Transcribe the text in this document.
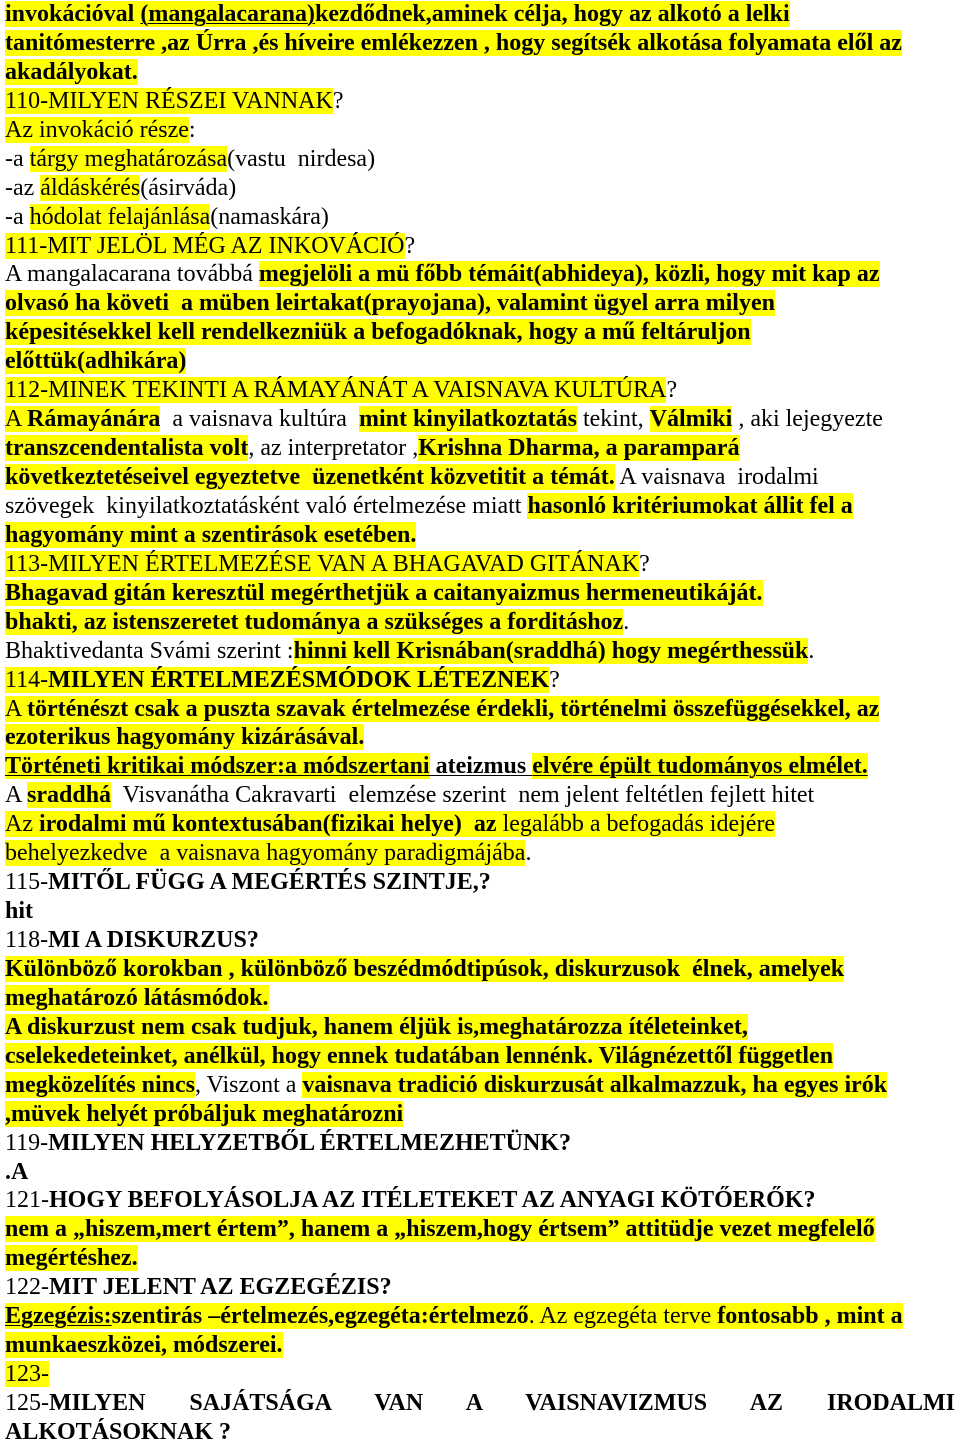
invokációval (mangalacarana)kezdődnek,aminek célja, hogy az alkotó a lelki
tanitómesterre ,az Úrra ,és híveire emlékezzen , hogy segítsék alkotása folyamata elől az
akadályokat.
110-MILYEN RÉSZEI VANNAK?
Az invokáció része:
-a tárgy meghatározása(vastu  nirdesa)
-az áldáskérés(ásirváda)
-a hódolat felajánlása(namaskára)
111-MIT JELÖL MÉG AZ INKOVÁCIÓ?
A mangalacarana továbbá megjelöli a mü főbb témáit(abhideya), közli, hogy mit kap az
olvasó ha követi  a müben leirtakat(prayojana), valamint ügyel arra milyen
képesitésekkel kell rendelkezniük a befogadóknak, hogy a mű feltáruljon
előttük(adhikára)
112-MINEK TEKINTI A RÁMAYÁNÁT A VAISNAVA KULTÚRA?
A Rámayánára  a vaisnava kultúra  mint kinyilatkoztatás tekint, Válmiki , aki lejegyezte
transzcendentalista volt, az interpretator ,Krishna Dharma, a parampará
következtetéseivel egyeztetve  üzenetként közvetitit a témát. A vaisnava  irodalmi
szövegek  kinyilatkoztatásként való értelmezése miatt hasonló kritériumokat állit fel a
hagyomány mint a szentirások esetében.
113-MILYEN ÉRTELMEZÉSE VAN A BHAGAVAD GITÁNAK?
Bhagavad gitán keresztül megérthetjük a caitanyaizmus hermeneutikáját.
bhakti, az istenszeretet tudománya a szükséges a forditáshoz.
Bhaktivedanta Svámi szerint :hinni kell Krisnában(sraddhá) hogy megérthessük.
114-MILYEN ÉRTELMEZÉSMÓDOK LÉTEZNEK?
A történészt csak a puszta szavak értelmezése érdekli, történelmi összefüggésekkel, az
ezoterikus hagyomány kizárásával.
Történeti kritikai módszer:a módszertani ateizmus elvére épült tudományos elmélet.
A sraddhá  Visvanátha Cakravarti  elemzése szerint  nem jelent feltétlen fejlett hitet
Az irodalmi mű kontextusában(fizikai helye) az legalább a befogadás idejére
behelyezkedve  a vaisnava hagyomány paradigmájába.
115-MITŐL FÜGG A MEGÉRTÉS SZINTJE,?
hit
118-MI A DISKURZUS?
Különböző korokban , különböző beszédmódtipúsok, diskurzusok  élnek, amelyek
meghatározó látásmódok.
A diskurzust nem csak tudjuk, hanem éljük is,meghatározza ítéleteinket,
cselekedeteinket, anélkül, hogy ennek tudatában lennénk. Világnézettől független
megközelítés nincs, Viszont a vaisnava tradició diskurzusát alkalmazzuk, ha egyes irók
,müvek helyét próbáljuk meghatározni
119-MILYEN HELYZETBŐL ÉRTELMEZHETÜNK?
.A
121-HOGY BEFOLYÁSOLJA AZ ITÉLETEKET AZ ANYAGI KÖTŐERŐK?
nem a „hiszem,mert értem”, hanem a „hiszem,hogy értsem” attitüdje vezet megfelelő
megértéshez.
122-MIT JELENT AZ EGZEGÉZIS?
Egzegézis:szentirás –értelmezés,egzegéta:értelmező. Az egzegéta terve fontosabb , mint a
munkaeszközei, módszerei.
123-
125-MILYEN SAJÁTSÁGA VAN A VAISNAVIZMUS AZ IRODALMI
ALKOTÁSOKNAK ?
